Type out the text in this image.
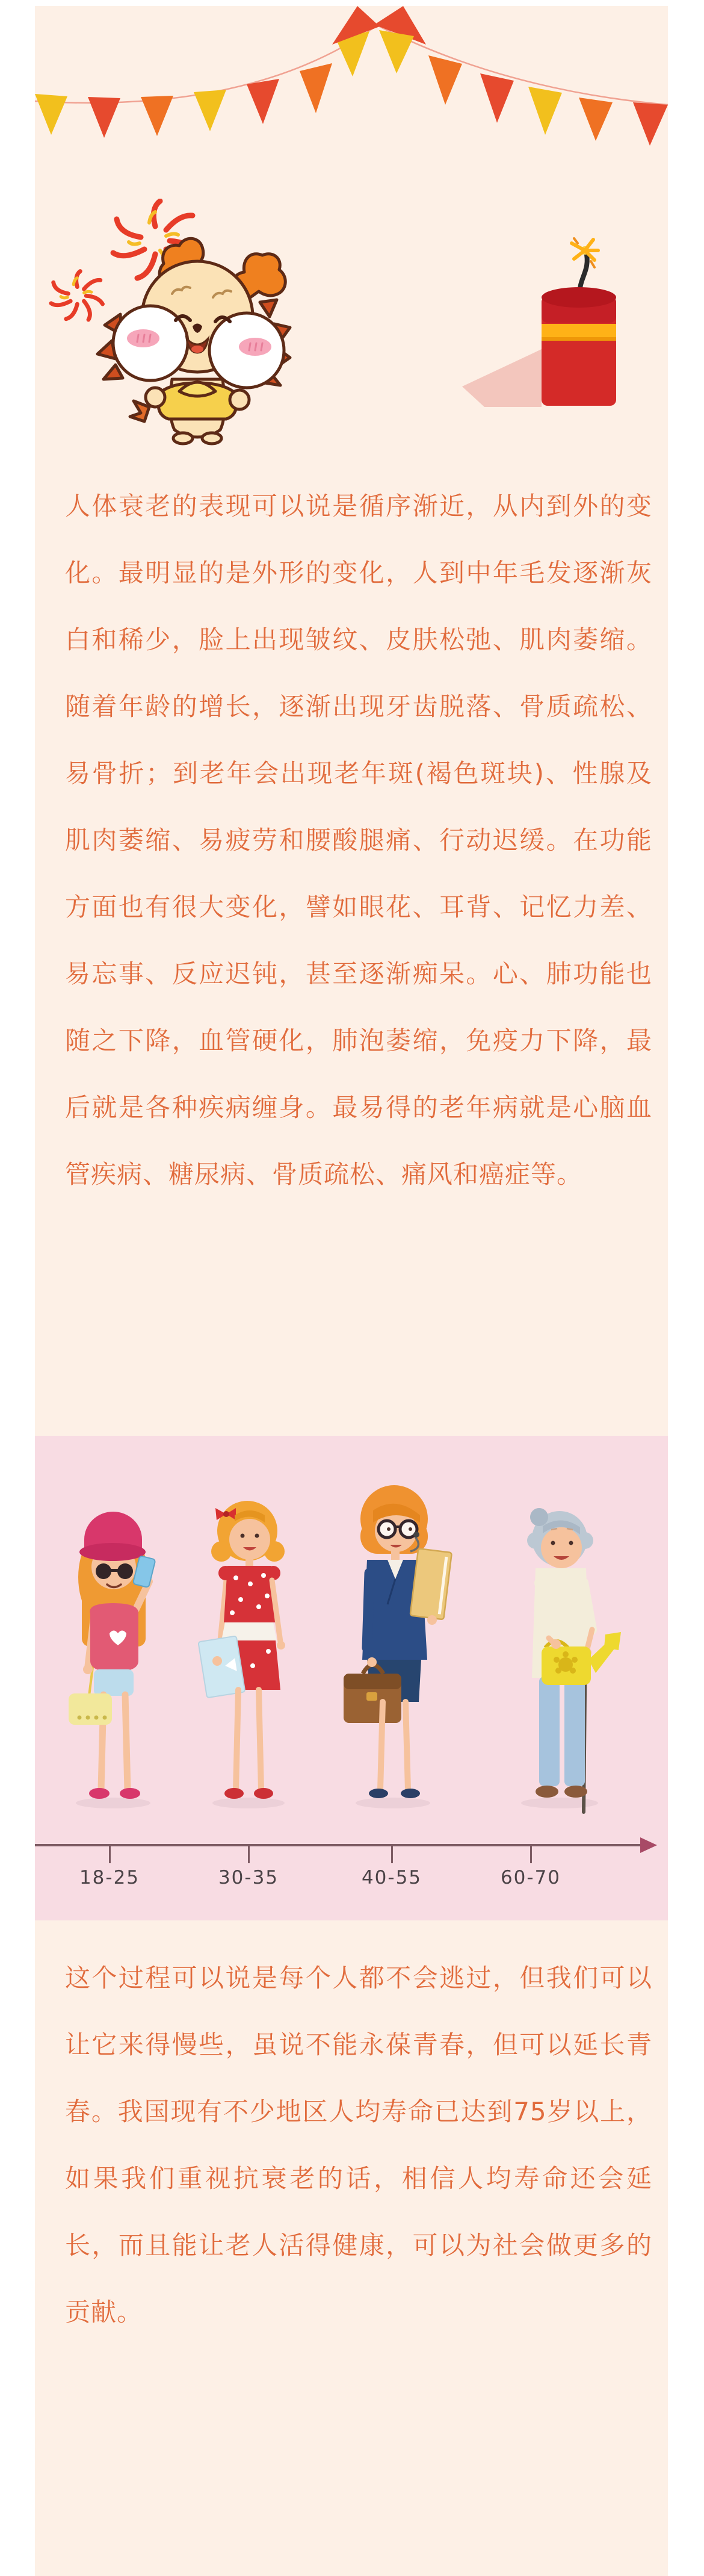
人体衰老的表现可以说是循序渐近，从内到外的变化。最明显的是外形的变化，人到中年毛发逐渐灰白和稀少，脸上出现皱纹、皮肤松弛、肌肉萎缩。随着年龄的增长，逐渐出现牙齿脱落、骨质疏松、易骨折；到老年会出现老年斑(褐色斑块)、性腺及肌肉萎缩、易疲劳和腰酸腿痛、行动迟缓。在功能方面也有很大变化，譬如眼花、耳背、记忆力差、易忘事、反应迟钝，甚至逐渐痴呆。心、肺功能也随之下降，血管硬化，肺泡萎缩，免疫力下降，最后就是各种疾病缠身。最易得的老年病就是心脑血管疾病、糖尿病、骨质疏松、痛风和癌症等。

18-25	30-35	40-55	60-70

这个过程可以说是每个人都不会逃过，但我们可以让它来得慢些，虽说不能永葆青春，但可以延长青春。我国现有不少地区人均寿命已达到75岁以上，如果我们重视抗衰老的话，相信人均寿命还会延长，而且能让老人活得健康，可以为社会做更多的贡献。
